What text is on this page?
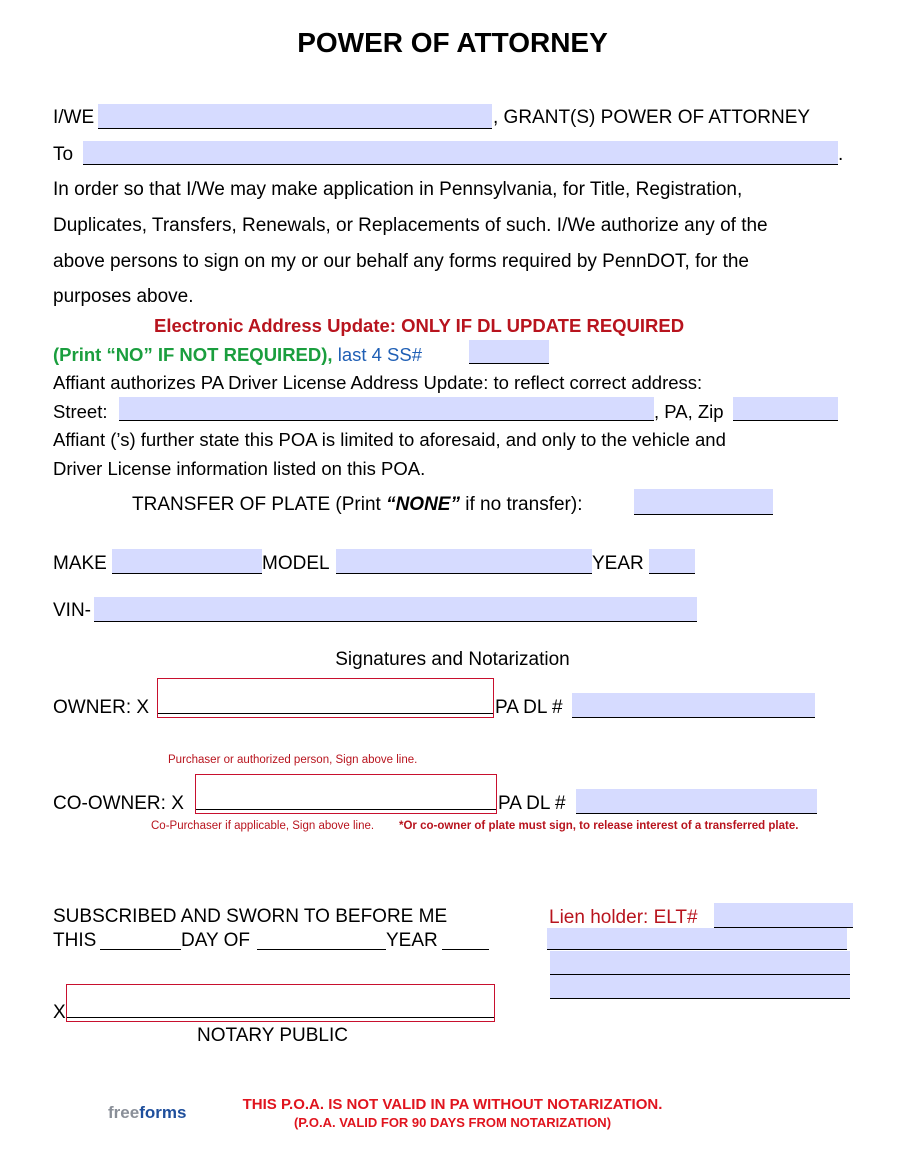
POWER OF ATTORNEY
I/WE	, GRANT(S) POWER OF ATTORNEY
To	.
In order so that I/We may make application in Pennsylvania, for Title, Registration,
Duplicates, Transfers, Renewals, or Replacements of such. I/We authorize any of the
above persons to sign on my or our behalf any forms required by PennDOT, for the
purposes above.
Electronic Address Update: ONLY IF DL UPDATE REQUIRED
(Print “NO” IF NOT REQUIRED), last 4 SS#
Affiant authorizes PA Driver License Address Update: to reflect correct address:
Street:	, PA, Zip
Affiant (’s) further state this POA is limited to aforesaid, and only to the vehicle and
Driver License information listed on this POA.
TRANSFER OF PLATE (Print “NONE” if no transfer):
MAKE	MODEL	YEAR
VIN-
Signatures and Notarization
OWNER: X	PA DL #
Purchaser or authorized person, Sign above line.
CO-OWNER: X	PA DL #
Co-Purchaser if applicable, Sign above line. *Or co-owner of plate must sign, to release interest of a transferred plate.
SUBSCRIBED AND SWORN TO BEFORE ME
THIS	DAY OF	YEAR
Lien holder: ELT#
X
NOTARY PUBLIC
freeforms	THIS P.O.A. IS NOT VALID IN PA WITHOUT NOTARIZATION.
(P.O.A. VALID FOR 90 DAYS FROM NOTARIZATION)
